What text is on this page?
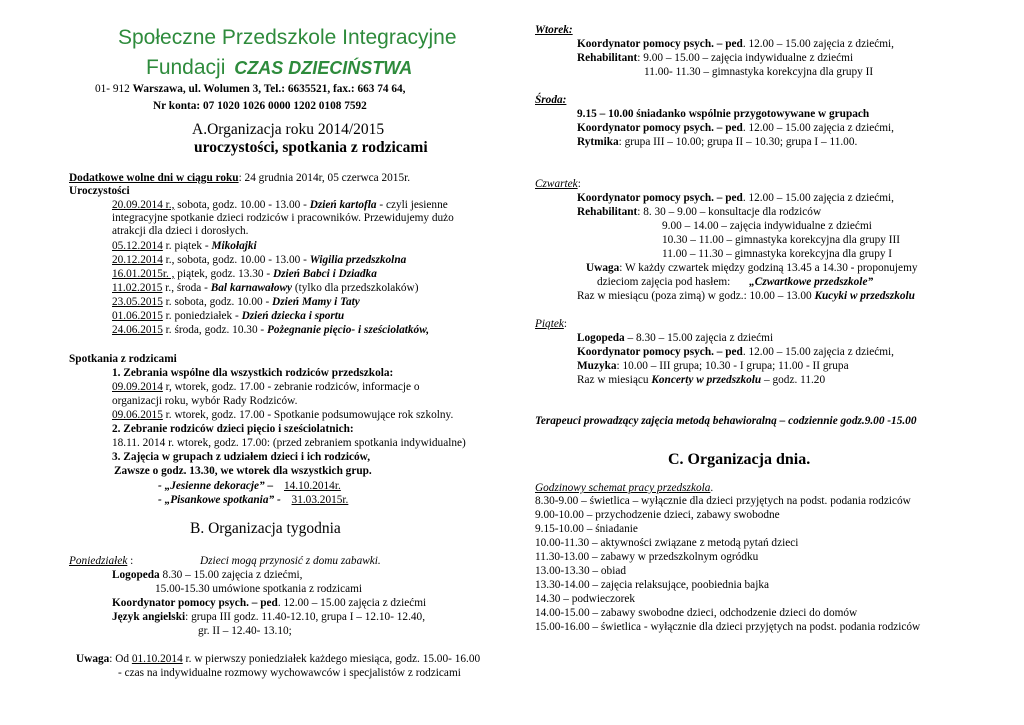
Społeczne Przedszkole Integracyjne
Fundacji CZAS DZIECIŃSTWA
01- 912 Warszawa, ul. Wolumen 3, Tel.: 6635521, fax.: 663 74 64,
Nr konta: 07 1020 1026 0000 1202 0108 7592
A.Organizacja roku 2014/2015
uroczystości, spotkania z rodzicami
Dodatkowe wolne dni w ciągu roku: 24 grudnia 2014r, 05 czerwca 2015r.
Uroczystości
20.09.2014 r., sobota, godz. 10.00 - 13.00 - Dzień kartofla - czyli jesienne
integracyjne spotkanie dzieci rodziców i pracowników. Przewidujemy dużo
atrakcji dla dzieci i dorosłych.
05.12.2014 r. piątek - Mikołajki
20.12.2014 r., sobota, godz. 10.00 - 13.00 - Wigilia przedszkolna
16.01.2015r. , piątek, godz. 13.30 - Dzień Babci i Dziadka
11.02.2015 r., środa - Bal karnawałowy (tylko dla przedszkolaków)
23.05.2015 r. sobota, godz. 10.00 - Dzień Mamy i Taty
01.06.2015 r. poniedziałek - Dzień dziecka i sportu
24.06.2015 r. środa, godz. 10.30 - Pożegnanie pięcio- i sześciolatków,
Spotkania z rodzicami
1. Zebrania wspólne dla wszystkich rodziców przedszkola:
09.09.2014 r, wtorek, godz. 17.00 - zebranie rodziców, informacje o
organizacji roku, wybór Rady Rodziców.
09.06.2015 r. wtorek, godz. 17.00 - Spotkanie podsumowujące rok szkolny.
2. Zebranie rodziców dzieci pięcio i sześciolatnich:
18.11. 2014 r. wtorek, godz. 17.00: (przed zebraniem spotkania indywidualne)
3. Zajęcia w grupach z udziałem dzieci i ich rodziców,
Zawsze o godz. 13.30, we wtorek dla wszystkich grup.
- „Jesienne dekoracje” – 14.10.2014r.
- „Pisankowe spotkania” - 31.03.2015r.
B. Organizacja tygodnia
Poniedziałek :	Dzieci mogą przynosić z domu zabawki.
Logopeda 8.30 – 15.00 zajęcia z dziećmi,
15.00-15.30 umówione spotkania z rodzicami
Koordynator pomocy psych. – ped. 12.00 – 15.00 zajęcia z dziećmi
Język angielski: grupa III godz. 11.40-12.10, grupa I – 12.10- 12.40,
gr. II – 12.40- 13.10;
Uwaga: Od 01.10.2014 r. w pierwszy poniedziałek każdego miesiąca, godz. 15.00- 16.00
- czas na indywidualne rozmowy wychowawców i specjalistów z rodzicami
Wtorek:
Koordynator pomocy psych. – ped. 12.00 – 15.00 zajęcia z dziećmi,
Rehabilitant: 9.00 – 15.00 – zajęcia indywidualne z dziećmi
11.00- 11.30 – gimnastyka korekcyjna dla grupy II
Środa:
9.15 – 10.00 śniadanko wspólnie przygotowywane w grupach
Koordynator pomocy psych. – ped. 12.00 – 15.00 zajęcia z dziećmi,
Rytmika: grupa III – 10.00; grupa II – 10.30; grupa I – 11.00.
Czwartek:
Koordynator pomocy psych. – ped. 12.00 – 15.00 zajęcia z dziećmi,
Rehabilitant: 8. 30 – 9.00 – konsultacje dla rodziców
9.00 – 14.00 – zajęcia indywidualne z dziećmi
10.30 – 11.00 – gimnastyka korekcyjna dla grupy III
11.00 – 11.30 – gimnastyka korekcyjna dla grupy I
Uwaga: W każdy czwartek między godziną 13.45 a 14.30 - proponujemy
dzieciom zajęcia pod hasłem: „Czwartkowe przedszkole”
Raz w miesiącu (poza zimą) w godz.: 10.00 – 13.00 Kucyki w przedszkolu
Piątek:
Logopeda – 8.30 – 15.00 zajęcia z dziećmi
Koordynator pomocy psych. – ped. 12.00 – 15.00 zajęcia z dziećmi,
Muzyka: 10.00 – III grupa; 10.30 - I grupa; 11.00 - II grupa
Raz w miesiącu Koncerty w przedszkolu – godz. 11.20
Terapeuci prowadzący zajęcia metodą behawioralną – codziennie godz.9.00 -15.00
C. Organizacja dnia.
Godzinowy schemat pracy przedszkola.
8.30-9.00 – świetlica – wyłącznie dla dzieci przyjętych na podst. podania rodziców
9.00-10.00 – przychodzenie dzieci, zabawy swobodne
9.15-10.00 – śniadanie
10.00-11.30 – aktywności związane z metodą pytań dzieci
11.30-13.00 – zabawy w przedszkolnym ogródku
13.00-13.30 – obiad
13.30-14.00 – zajęcia relaksujące, poobiednia bajka
14.30 – podwieczorek
14.00-15.00 – zabawy swobodne dzieci, odchodzenie dzieci do domów
15.00-16.00 – świetlica - wyłącznie dla dzieci przyjętych na podst. podania rodziców
